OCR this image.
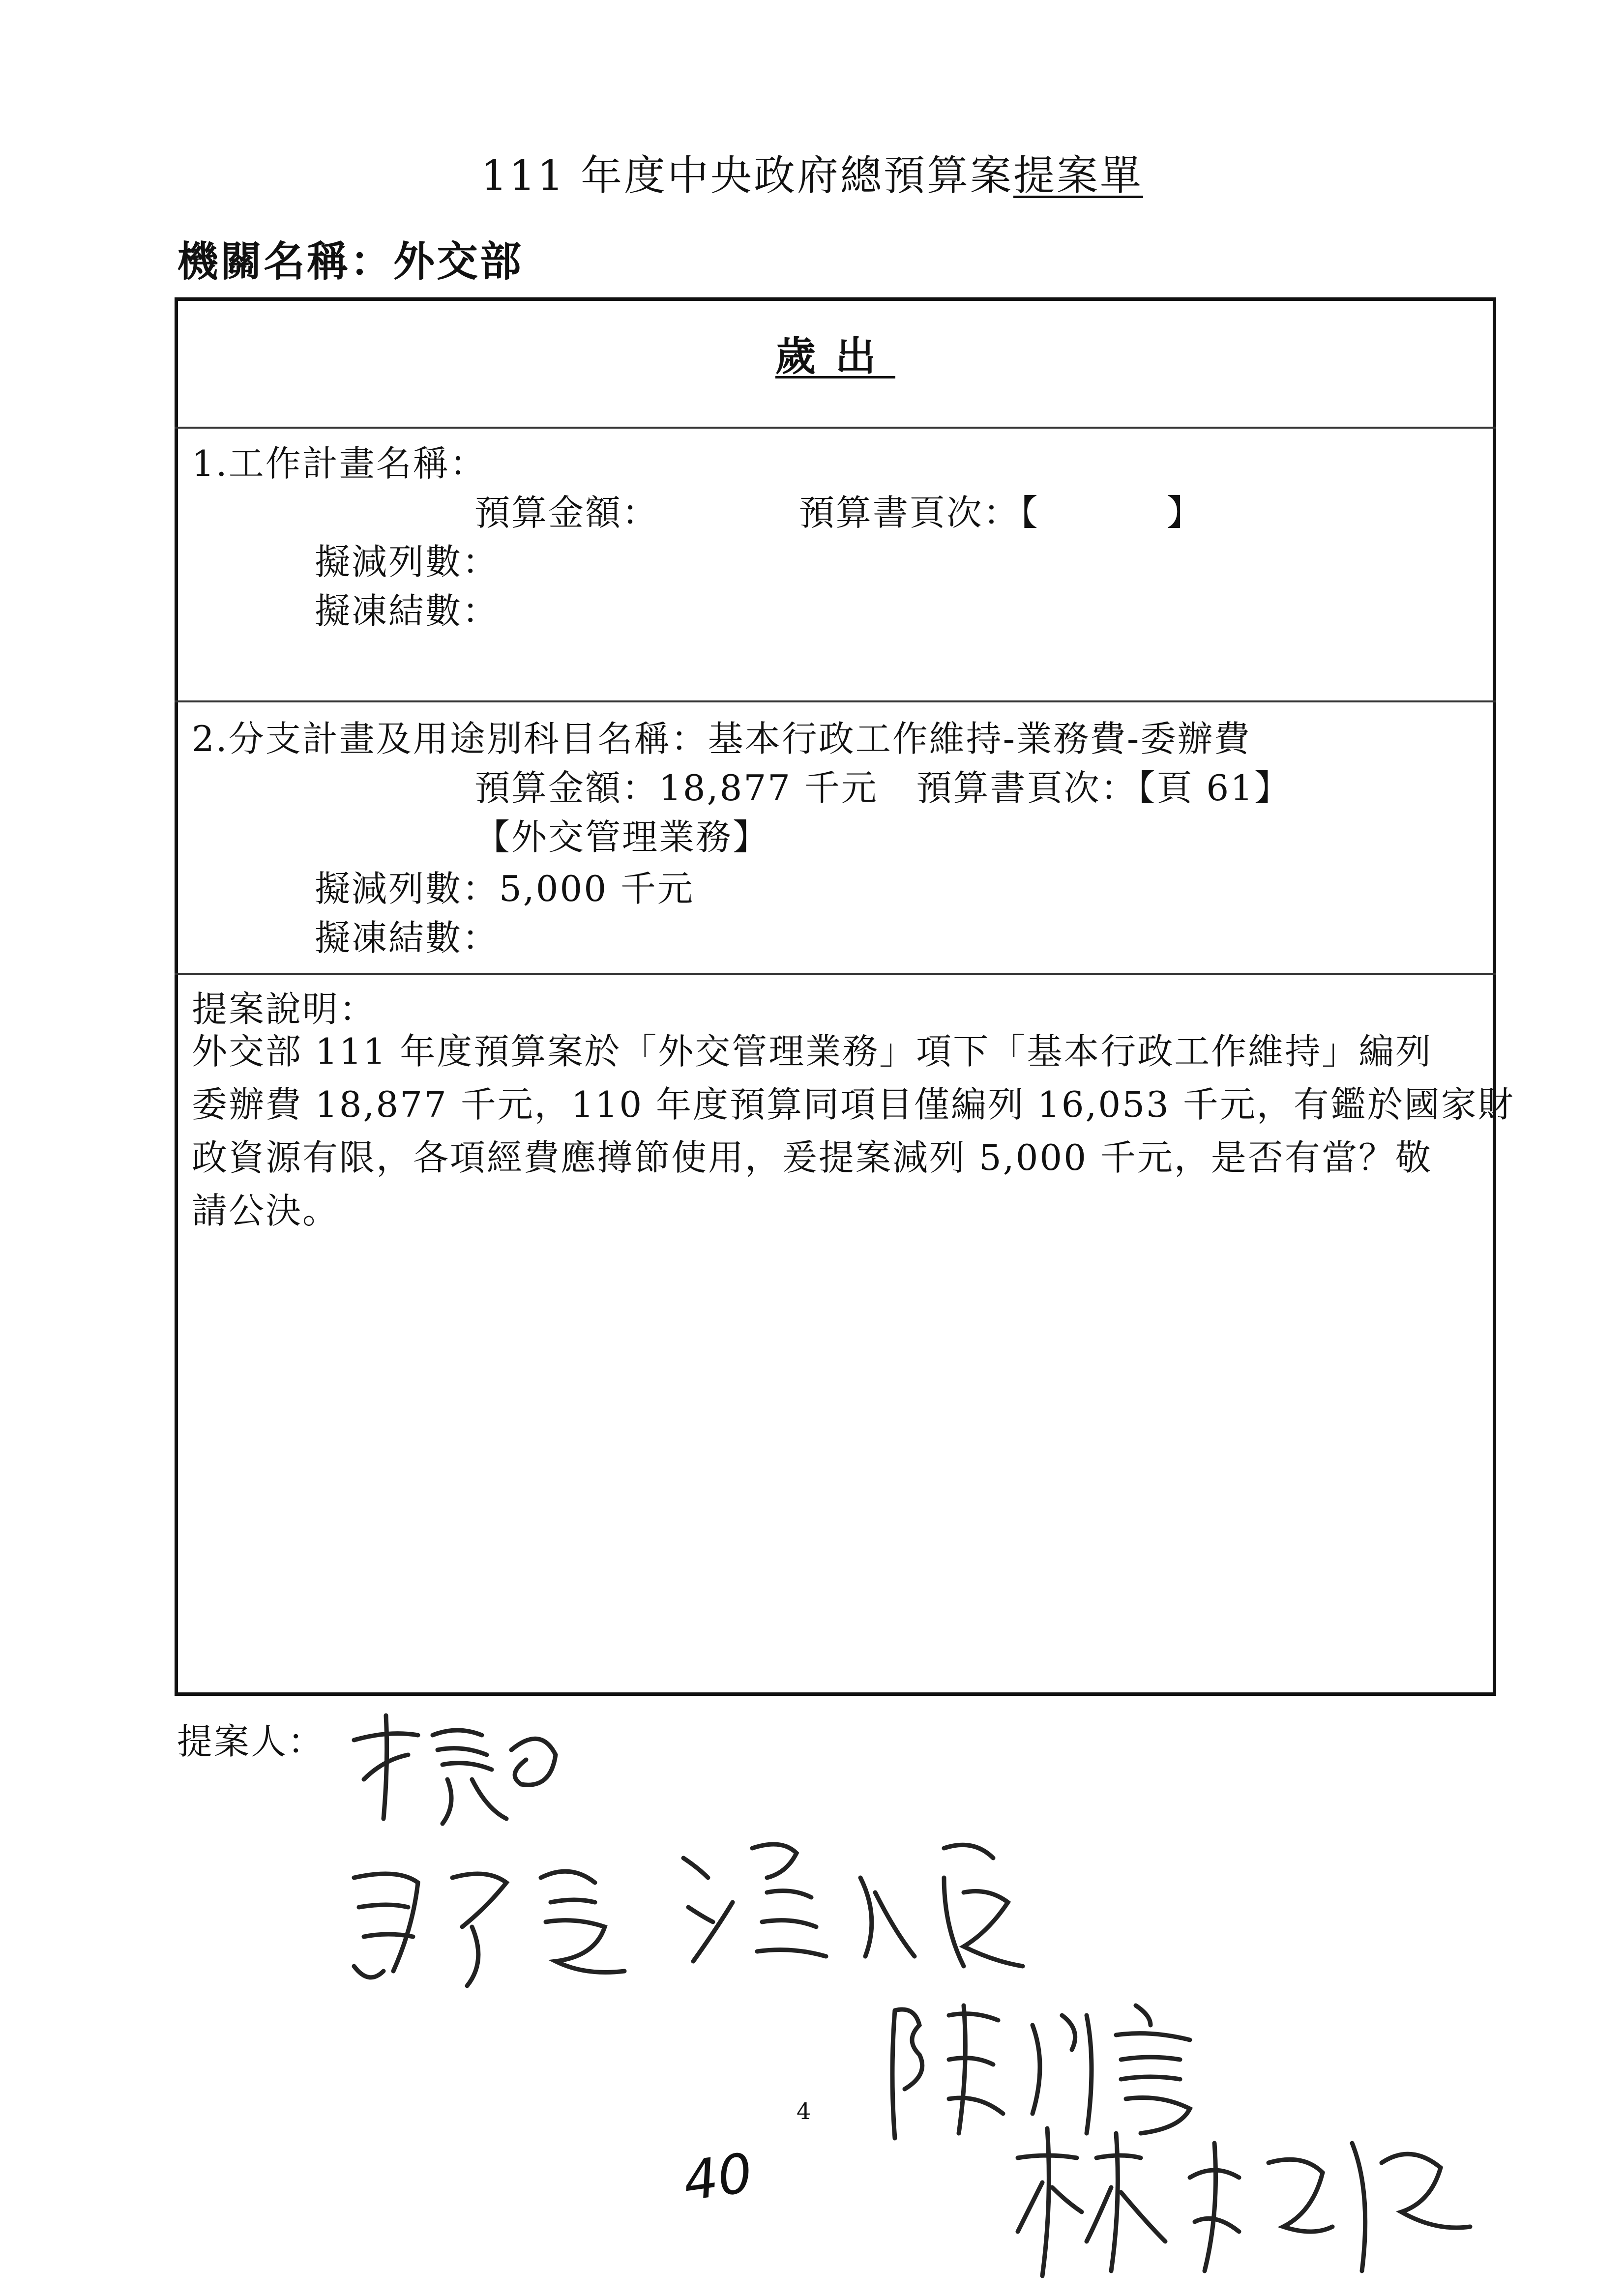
111 年度中央政府總預算案提案單
機關名稱：外交部
歲出
1.工作計畫名稱：
預算金額：           預算書頁次：【          】
擬減列數：
擬凍結數：
2.分支計畫及用途別科目名稱：基本行政工作維持-業務費-委辦費
預算金額：18,877 千元   預算書頁次：【頁 61】
【外交管理業務】
擬減列數：5,000 千元
擬凍結數：
提案說明：
外交部 111 年度預算案於「外交管理業務」項下「基本行政工作維持」編列
委辦費 18,877 千元，110 年度預算同項目僅編列 16,053 千元，有鑑於國家財
政資源有限，各項經費應撙節使用，爰提案減列 5,000 千元，是否有當？敬
請公決。
提案人：
4
40
